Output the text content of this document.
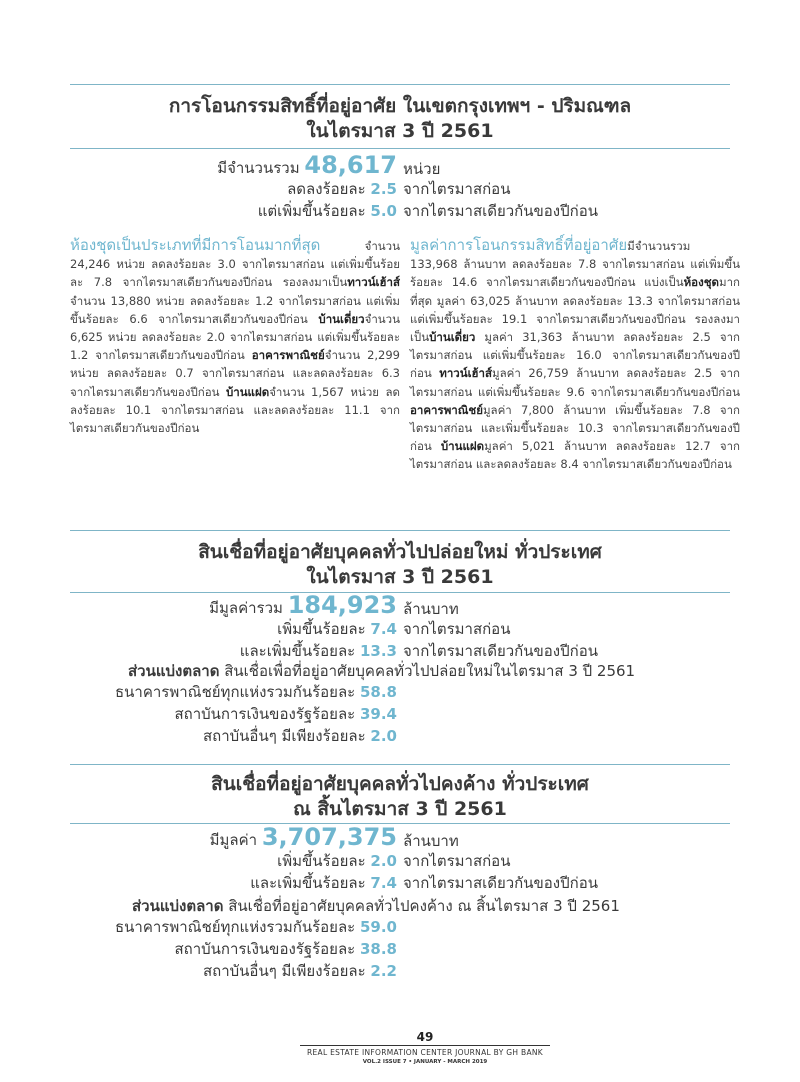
การโอนกรรมสิทธิ์ที่อยู่อาศัย ในเขตกรุงเทพฯ - ปริมณฑล
ในไตรมาส 3 ปี 2561
มีจำนวนรวม 48,617 หน่วย
ลดลงร้อยละ 2.5 จากไตรมาสก่อน
แต่เพิ่มขึ้นร้อยละ 5.0 จากไตรมาสเดียวกันของปีก่อน
ห้องชุดเป็นประเภทที่มีการโอนมากที่สุด จำนวน 24,246 หน่วย ลดลงร้อยละ 3.0 จากไตรมาสก่อน แต่เพิ่มขึ้นร้อยละ 7.8 จากไตรมาสเดียวกันของปีก่อน รองลงมาเป็นทาวน์เฮ้าส์จำนวน 13,880 หน่วย ลดลงร้อยละ 1.2 จากไตรมาสก่อน แต่เพิ่มขึ้นร้อยละ 6.6 จากไตรมาสเดียวกันของปีก่อน บ้านเดี่ยวจำนวน 6,625 หน่วย ลดลงร้อยละ 2.0 จากไตรมาสก่อน แต่เพิ่มขึ้นร้อยละ 1.2 จากไตรมาสเดียวกันของปีก่อน อาคารพาณิชย์จำนวน 2,299 หน่วย ลดลงร้อยละ 0.7 จากไตรมาสก่อน และลดลงร้อยละ 6.3 จากไตรมาสเดียวกันของปีก่อน บ้านแฝดจำนวน 1,567 หน่วย ลดลงร้อยละ 10.1 จากไตรมาสก่อน และลดลงร้อยละ 11.1 จากไตรมาสเดียวกันของปีก่อน
มูลค่าการโอนกรรมสิทธิ์ที่อยู่อาศัยมีจำนวนรวม 133,968 ล้านบาท ลดลงร้อยละ 7.8 จากไตรมาสก่อน แต่เพิ่มขึ้นร้อยละ 14.6 จากไตรมาสเดียวกันของปีก่อน แบ่งเป็นห้องชุดมากที่สุด มูลค่า 63,025 ล้านบาท ลดลงร้อยละ 13.3 จากไตรมาสก่อน แต่เพิ่มขึ้นร้อยละ 19.1 จากไตรมาสเดียวกันของปีก่อน รองลงมาเป็นบ้านเดี่ยว มูลค่า 31,363 ล้านบาท ลดลงร้อยละ 2.5 จากไตรมาสก่อน แต่เพิ่มขึ้นร้อยละ 16.0 จากไตรมาสเดียวกันของปีก่อน ทาวน์เฮ้าส์มูลค่า 26,759 ล้านบาท ลดลงร้อยละ 2.5 จากไตรมาสก่อน แต่เพิ่มขึ้นร้อยละ 9.6 จากไตรมาสเดียวกันของปีก่อน อาคารพาณิชย์มูลค่า 7,800 ล้านบาท เพิ่มขึ้นร้อยละ 7.8 จากไตรมาสก่อน และเพิ่มขึ้นร้อยละ 10.3 จากไตรมาสเดียวกันของปีก่อน บ้านแฝดมูลค่า 5,021 ล้านบาท ลดลงร้อยละ 12.7 จากไตรมาสก่อน และลดลงร้อยละ 8.4 จากไตรมาสเดียวกันของปีก่อน
สินเชื่อที่อยู่อาศัยบุคคลทั่วไปปล่อยใหม่ ทั่วประเทศ
ในไตรมาส 3 ปี 2561
มีมูลค่ารวม 184,923 ล้านบาท
เพิ่มขึ้นร้อยละ 7.4 จากไตรมาสก่อน
และเพิ่มขึ้นร้อยละ 13.3 จากไตรมาสเดียวกันของปีก่อน
ส่วนแบ่งตลาด สินเชื่อเพื่อที่อยู่อาศัยบุคคลทั่วไปปล่อยใหม่ในไตรมาส 3 ปี 2561
ธนาคารพาณิชย์ทุกแห่งรวมกันร้อยละ 58.8
สถาบันการเงินของรัฐร้อยละ 39.4
สถาบันอื่นๆ มีเพียงร้อยละ 2.0
สินเชื่อที่อยู่อาศัยบุคคลทั่วไปคงค้าง ทั่วประเทศ
ณ สิ้นไตรมาส 3 ปี 2561
มีมูลค่า 3,707,375 ล้านบาท
เพิ่มขึ้นร้อยละ 2.0 จากไตรมาสก่อน
และเพิ่มขึ้นร้อยละ 7.4 จากไตรมาสเดียวกันของปีก่อน
ส่วนแบ่งตลาด สินเชื่อที่อยู่อาศัยบุคคลทั่วไปคงค้าง ณ สิ้นไตรมาส 3 ปี 2561
ธนาคารพาณิชย์ทุกแห่งรวมกันร้อยละ 59.0
สถาบันการเงินของรัฐร้อยละ 38.8
สถาบันอื่นๆ มีเพียงร้อยละ 2.2
49
REAL ESTATE INFORMATION CENTER JOURNAL BY GH BANK
VOL.2 ISSUE 7 • JANUARY - MARCH 2019
